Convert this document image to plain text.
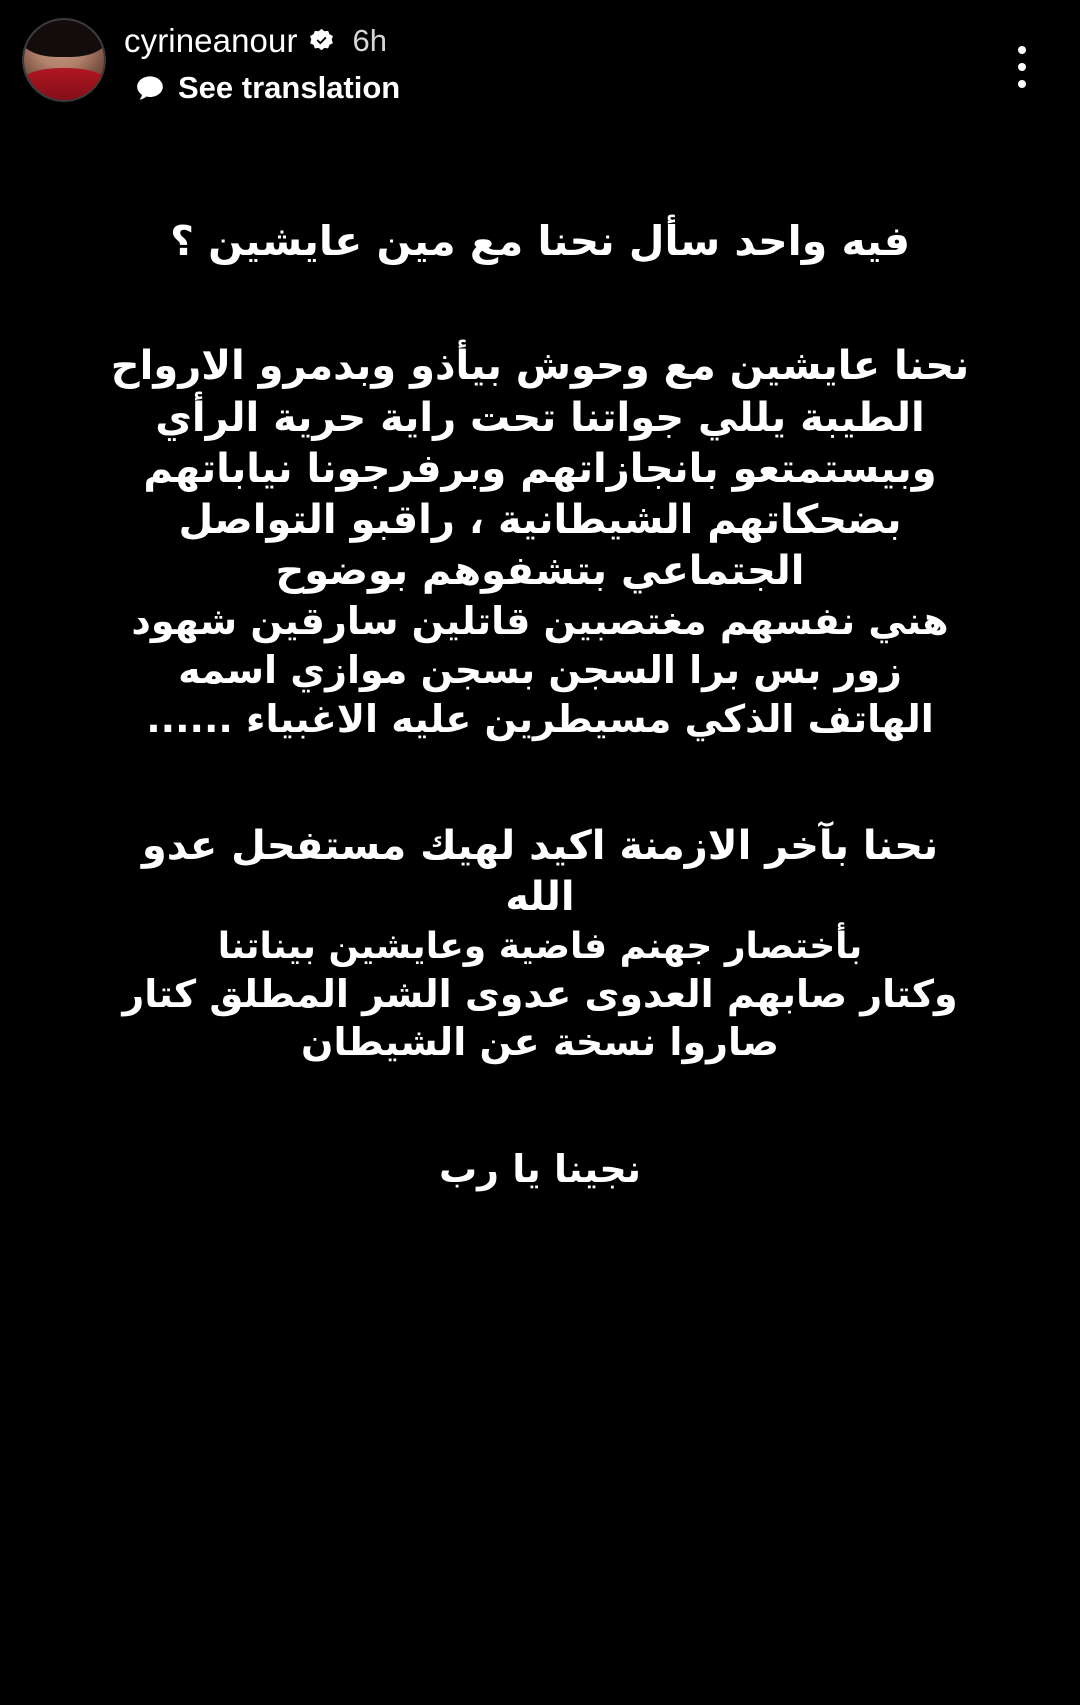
cyrineanour 6h
See translation

فيه واحد سأل نحنا مع مين عايشين ؟

نحنا عايشين مع وحوش بيأذو وبدمرو الارواح الطيبة يللي جواتنا تحت راية حرية الرأي وبيستمتعو بانجازاتهم وبرفرجونا نياباتهم بضحكاتهم الشيطانية ، راقبو التواصل الجتماعي بتشفوهم بوضوح

هني نفسهم مغتصبين قاتلين سارقين شهود زور بس برا السجن بسجن موازي اسمه الهاتف الذكي مسيطرين عليه الاغبياء ......

نحنا بآخر الازمنة اكيد لهيك مستفحل عدو الله

بأختصار جهنم فاضية وعايشين بيناتنا

وكتار صابهم العدوى عدوى الشر المطلق كتار صاروا نسخة عن الشيطان

نجينا يا رب
